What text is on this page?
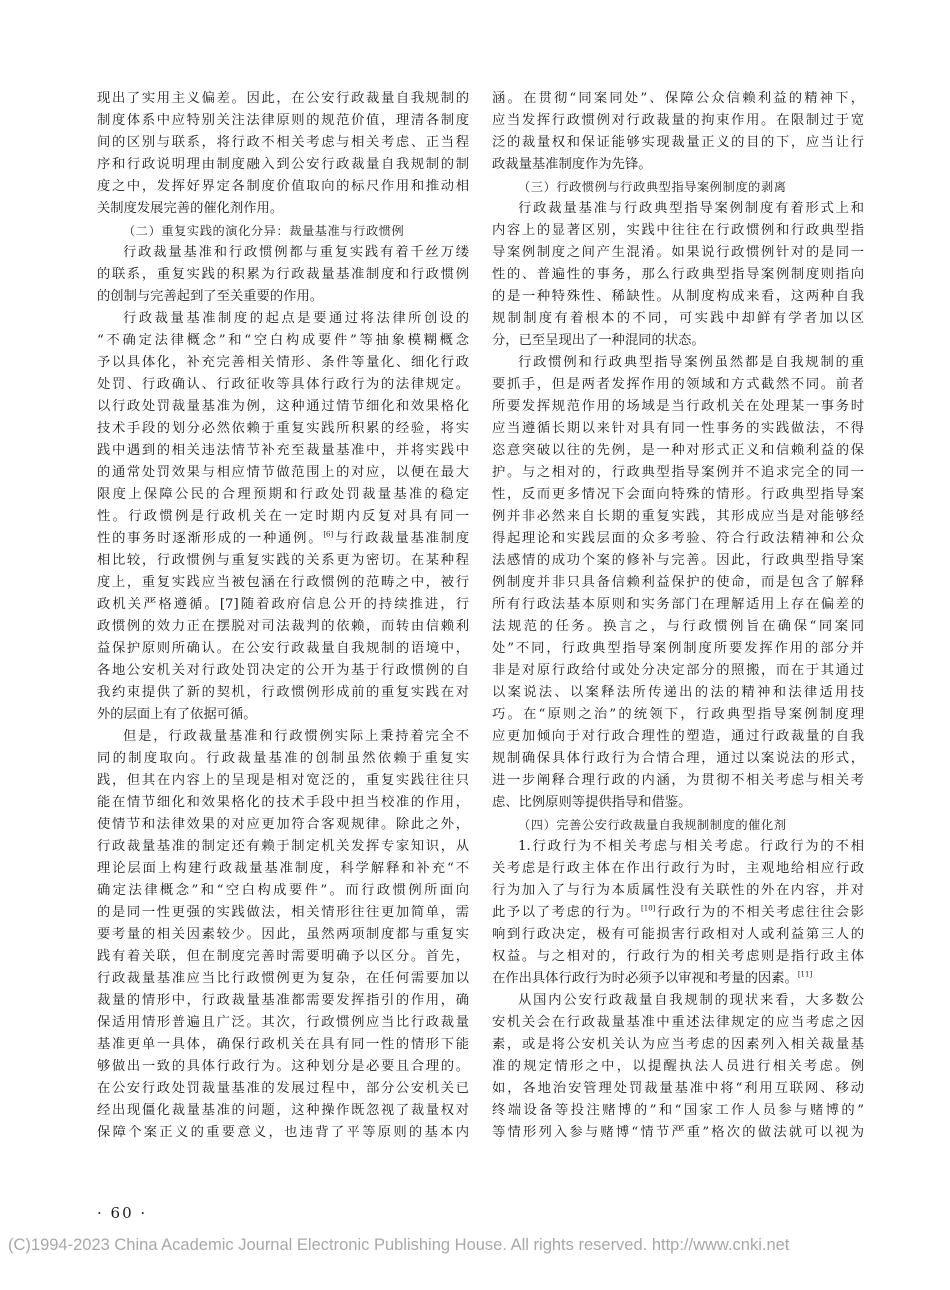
现出了实用主义偏差。因此，在公安行政裁量自我规制的
制度体系中应特别关注法律原则的规范价值，理清各制度
间的区别与联系，将行政不相关考虑与相关考虑、正当程
序和行政说明理由制度融入到公安行政裁量自我规制的制
度之中，发挥好界定各制度价值取向的标尺作用和推动相
关制度发展完善的催化剂作用。
（二）重复实践的演化分异：裁量基准与行政惯例
行政裁量基准和行政惯例都与重复实践有着千丝万缕
的联系，重复实践的积累为行政裁量基准制度和行政惯例
的创制与完善起到了至关重要的作用。
行政裁量基准制度的起点是要通过将法律所创设的
“不确定法律概念”和“空白构成要件”等抽象模糊概念
予以具体化，补充完善相关情形、条件等量化、细化行政
处罚、行政确认、行政征收等具体行政行为的法律规定。
以行政处罚裁量基准为例，这种通过情节细化和效果格化
技术手段的划分必然依赖于重复实践所积累的经验，将实
践中遇到的相关违法情节补充至裁量基准中，并将实践中
的通常处罚效果与相应情节做范围上的对应，以便在最大
限度上保障公民的合理预期和行政处罚裁量基准的稳定
性。行政惯例是行政机关在一定时期内反复对具有同一
性的事务时逐渐形成的一种通例。[6]与行政裁量基准制度
相比较，行政惯例与重复实践的关系更为密切。在某种程
度上，重复实践应当被包涵在行政惯例的范畴之中，被行
政机关严格遵循。[7]随着政府信息公开的持续推进，行
政惯例的效力正在摆脱对司法裁判的依赖，而转由信赖利
益保护原则所确认。在公安行政裁量自我规制的语境中，
各地公安机关对行政处罚决定的公开为基于行政惯例的自
我约束提供了新的契机，行政惯例形成前的重复实践在对
外的层面上有了依据可循。
但是，行政裁量基准和行政惯例实际上秉持着完全不
同的制度取向。行政裁量基准的创制虽然依赖于重复实
践，但其在内容上的呈现是相对宽泛的，重复实践往往只
能在情节细化和效果格化的技术手段中担当校准的作用，
使情节和法律效果的对应更加符合客观规律。除此之外，
行政裁量基准的制定还有赖于制定机关发挥专家知识，从
理论层面上构建行政裁量基准制度，科学解释和补充“不
确定法律概念”和“空白构成要件”。而行政惯例所面向
的是同一性更强的实践做法，相关情形往往更加简单，需
要考量的相关因素较少。因此，虽然两项制度都与重复实
践有着关联，但在制度完善时需要明确予以区分。首先，
行政裁量基准应当比行政惯例更为复杂，在任何需要加以
裁量的情形中，行政裁量基准都需要发挥指引的作用，确
保适用情形普遍且广泛。其次，行政惯例应当比行政裁量
基准更单一具体，确保行政机关在具有同一性的情形下能
够做出一致的具体行政行为。这种划分是必要且合理的。
在公安行政处罚裁量基准的发展过程中，部分公安机关已
经出现僵化裁量基准的问题，这种操作既忽视了裁量权对
保障个案正义的重要意义，也违背了平等原则的基本内
涵。在贯彻“同案同处”、保障公众信赖利益的精神下，
应当发挥行政惯例对行政裁量的拘束作用。在限制过于宽
泛的裁量权和保证能够实现裁量正义的目的下，应当让行
政裁量基准制度作为先锋。
（三）行政惯例与行政典型指导案例制度的剥离
行政裁量基准与行政典型指导案例制度有着形式上和
内容上的显著区别，实践中往往在行政惯例和行政典型指
导案例制度之间产生混淆。如果说行政惯例针对的是同一
性的、普遍性的事务，那么行政典型指导案例制度则指向
的是一种特殊性、稀缺性。从制度构成来看，这两种自我
规制制度有着根本的不同，可实践中却鲜有学者加以区
分，已至呈现出了一种混同的状态。
行政惯例和行政典型指导案例虽然都是自我规制的重
要抓手，但是两者发挥作用的领域和方式截然不同。前者
所要发挥规范作用的场域是当行政机关在处理某一事务时
应当遵循长期以来针对具有同一性事务的实践做法，不得
恣意突破以往的先例，是一种对形式正义和信赖利益的保
护。与之相对的，行政典型指导案例并不追求完全的同一
性，反而更多情况下会面向特殊的情形。行政典型指导案
例并非必然来自长期的重复实践，其形成应当是对能够经
得起理论和实践层面的众多考验、符合行政法精神和公众
法感情的成功个案的修补与完善。因此，行政典型指导案
例制度并非只具备信赖利益保护的使命，而是包含了解释
所有行政法基本原则和实务部门在理解适用上存在偏差的
法规范的任务。换言之，与行政惯例旨在确保“同案同
处”不同，行政典型指导案例制度所要发挥作用的部分并
非是对原行政给付或处分决定部分的照搬，而在于其通过
以案说法、以案释法所传递出的法的精神和法律适用技
巧。在“原则之治”的统领下，行政典型指导案例制度理
应更加倾向于对行政合理性的塑造，通过行政裁量的自我
规制确保具体行政行为合情合理，通过以案说法的形式，
进一步阐释合理行政的内涵，为贯彻不相关考虑与相关考
虑、比例原则等提供指导和借鉴。
（四）完善公安行政裁量自我规制制度的催化剂
1.行政行为不相关考虑与相关考虑。行政行为的不相
关考虑是行政主体在作出行政行为时，主观地给相应行政
行为加入了与行为本质属性没有关联性的外在内容，并对
此予以了考虑的行为。[10]行政行为的不相关考虑往往会影
响到行政决定，极有可能损害行政相对人或利益第三人的
权益。与之相对的，行政行为的相关考虑则是指行政主体
在作出具体行政行为时必须予以审视和考量的因素。[11]
从国内公安行政裁量自我规制的现状来看，大多数公
安机关会在行政裁量基准中重述法律规定的应当考虑之因
素，或是将公安机关认为应当考虑的因素列入相关裁量基
准的规定情形之中，以提醒执法人员进行相关考虑。例
如，各地治安管理处罚裁量基准中将“利用互联网、移动
终端设备等投注赌博的”和“国家工作人员参与赌博的”
等情形列入参与赌博“情节严重”格次的做法就可以视为
· 60 ·
(C)1994-2023 China Academic Journal Electronic Publishing House. All rights reserved. http://www.cnki.net
